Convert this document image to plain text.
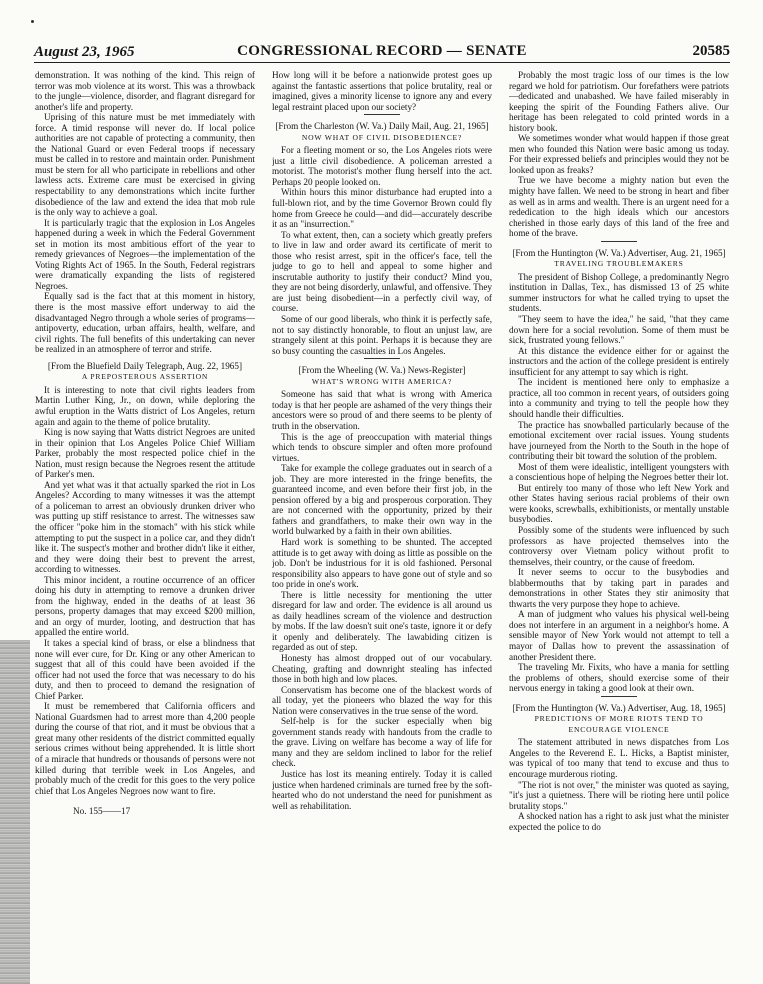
August 23, 1965	CONGRESSIONAL RECORD — SENATE	20585

demonstration. It was nothing of the kind. This reign of terror was mob violence at its worst. This was a throwback to the jungle—violence, disorder, and flagrant disregard for another's life and property.

Uprising of this nature must be met immediately with force. A timid response will never do. If local police authorities are not capable of protecting a community, then the National Guard or even Federal troops if necessary must be called in to restore and maintain order. Punishment must be stern for all who participate in rebellions and other lawless acts. Extreme care must be exercised in giving respectability to any demonstrations which incite further disobedience of the law and extend the idea that mob rule is the only way to achieve a goal.

It is particularly tragic that the explosion in Los Angeles happened during a week in which the Federal Government set in motion its most ambitious effort of the year to remedy grievances of Negroes—the implementation of the Voting Rights Act of 1965. In the South, Federal registrars were dramatically expanding the lists of registered Negroes.

Equally sad is the fact that at this moment in history, there is the most massive effort underway to aid the disadvantaged Negro through a whole series of programs—antipoverty, education, urban affairs, health, welfare, and civil rights. The full benefits of this undertaking can never be realized in an atmosphere of terror and strife.

[From the Bluefield Daily Telegraph, Aug. 22, 1965]

A PREPOSTEROUS ASSERTION

It is interesting to note that civil rights leaders from Martin Luther King, Jr., on down, while deploring the awful eruption in the Watts district of Los Angeles, return again and again to the theme of police brutality.

King is now saying that Watts district Negroes are united in their opinion that Los Angeles Police Chief William Parker, probably the most respected police chief in the Nation, must resign because the Negroes resent the attitude of Parker's men.

And yet what was it that actually sparked the riot in Los Angeles? According to many witnesses it was the attempt of a policeman to arrest an obviously drunken driver who was putting up stiff resistance to arrest. The witnesses saw the officer "poke him in the stomach" with his stick while attempting to put the suspect in a police car, and they didn't like it. The suspect's mother and brother didn't like it either, and they were doing their best to prevent the arrest, according to witnesses.

This minor incident, a routine occurrence of an officer doing his duty in attempting to remove a drunken driver from the highway, ended in the deaths of at least 36 persons, property damages that may exceed $200 million, and an orgy of murder, looting, and destruction that has appalled the entire world.

It takes a special kind of brass, or else a blindness that none will ever cure, for Dr. King or any other American to suggest that all of this could have been avoided if the officer had not used the force that was necessary to do his duty, and then to proceed to demand the resignation of Chief Parker.

It must be remembered that California officers and National Guardsmen had to arrest more than 4,200 people during the course of that riot, and it must be obvious that a great many other residents of the district committed equally serious crimes without being apprehended. It is little short of a miracle that hundreds or thousands of persons were not killed during that terrible week in Los Angeles, and probably much of the credit for this goes to the very police chief that Los Angeles Negroes now want to fire.

No. 155——17

How long will it be before a nationwide protest goes up against the fantastic assertions that police brutality, real or imagined, gives a minority license to ignore any and every legal restraint placed upon our society?

[From the Charleston (W. Va.) Daily Mail, Aug. 21, 1965]

NOW WHAT OF CIVIL DISOBEDIENCE?

For a fleeting moment or so, the Los Angeles riots were just a little civil disobedience. A policeman arrested a motorist. The motorist's mother flung herself into the act. Perhaps 20 people looked on.

Within hours this minor disturbance had erupted into a full-blown riot, and by the time Governor Brown could fly home from Greece he could—and did—accurately describe it as an "insurrection."

To what extent, then, can a society which greatly prefers to live in law and order award its certificate of merit to those who resist arrest, spit in the officer's face, tell the judge to go to hell and appeal to some higher and inscrutable authority to justify their conduct? Mind you, they are not being disorderly, unlawful, and offensive. They are just being disobedient—in a perfectly civil way, of course.

Some of our good liberals, who think it is perfectly safe, not to say distinctly honorable, to flout an unjust law, are strangely silent at this point. Perhaps it is because they are so busy counting the casualties in Los Angeles.

[From the Wheeling (W. Va.) News-Register]

WHAT'S WRONG WITH AMERICA?

Someone has said that what is wrong with America today is that her people are ashamed of the very things their ancestors were so proud of and there seems to be plenty of truth in the observation.

This is the age of preoccupation with material things which tends to obscure simpler and often more profound virtues.

Take for example the college graduates out in search of a job. They are more interested in the fringe benefits, the guaranteed income, and even before their first job, in the pension offered by a big and prosperous corporation. They are not concerned with the opportunity, prized by their fathers and grandfathers, to make their own way in the world bulwarked by a faith in their own abilities.

Hard work is something to be shunted. The accepted attitude is to get away with doing as little as possible on the job. Don't be industrious for it is old fashioned. Personal responsibility also appears to have gone out of style and so too pride in one's work.

There is little necessity for mentioning the utter disregard for law and order. The evidence is all around us as daily headlines scream of the violence and destruction by mobs. If the law doesn't suit one's taste, ignore it or defy it openly and deliberately. The lawabiding citizen is regarded as out of step.

Honesty has almost dropped out of our vocabulary. Cheating, grafting and downright stealing has infected those in both high and low places.

Conservatism has become one of the blackest words of all today, yet the pioneers who blazed the way for this Nation were conservatives in the true sense of the word.

Self-help is for the sucker especially when big government stands ready with handouts from the cradle to the grave. Living on welfare has become a way of life for many and they are seldom inclined to labor for the relief check.

Justice has lost its meaning entirely. Today it is called justice when hardened criminals are turned free by the soft-hearted who do not understand the need for punishment as well as rehabilitation.

Probably the most tragic loss of our times is the low regard we hold for patriotism. Our forefathers were patriots—dedicated and unabashed. We have failed miserably in keeping the spirit of the Founding Fathers alive. Our heritage has been relegated to cold printed words in a history book.

We sometimes wonder what would happen if those great men who founded this Nation were basic among us today. For their expressed beliefs and principles would they not be looked upon as freaks?

True we have become a mighty nation but even the mighty have fallen. We need to be strong in heart and fiber as well as in arms and wealth. There is an urgent need for a rededication to the high ideals which our ancestors cherished in those early days of this land of the free and home of the brave.

[From the Huntington (W. Va.) Advertiser, Aug. 21, 1965]

TRAVELING TROUBLEMAKERS

The president of Bishop College, a predominantly Negro institution in Dallas, Tex., has dismissed 13 of 25 white summer instructors for what he called trying to upset the students.

"They seem to have the idea," he said, "that they came down here for a social revolution. Some of them must be sick, frustrated young fellows."

At this distance the evidence either for or against the instructors and the action of the college president is entirely insufficient for any attempt to say which is right.

The incident is mentioned here only to emphasize a practice, all too common in recent years, of outsiders going into a community and trying to tell the people how they should handle their difficulties.

The practice has snowballed particularly because of the emotional excitement over racial issues. Young students have journeyed from the North to the South in the hope of contributing their bit toward the solution of the problem.

Most of them were idealistic, intelligent youngsters with a conscientious hope of helping the Negroes better their lot.

But entirely too many of those who left New York and other States having serious racial problems of their own were kooks, screwballs, exhibitionists, or mentally unstable busybodies.

Possibly some of the students were influenced by such professors as have projected themselves into the controversy over Vietnam policy without profit to themselves, their country, or the cause of freedom.

It never seems to occur to the busybodies and blabbermouths that by taking part in parades and demonstrations in other States they stir animosity that thwarts the very purpose they hope to achieve.

A man of judgment who values his physical well-being does not interfere in an argument in a neighbor's home. A sensible mayor of New York would not attempt to tell a mayor of Dallas how to prevent the assassination of another President there.

The traveling Mr. Fixits, who have a mania for settling the problems of others, should exercise some of their nervous energy in taking a good look at their own.

[From the Huntington (W. Va.) Advertiser, Aug. 18, 1965]

PREDICTIONS OF MORE RIOTS TEND TO ENCOURAGE VIOLENCE

The statement attributed in news dispatches from Los Angeles to the Reverend E. L. Hicks, a Baptist minister, was typical of too many that tend to excuse and thus to encourage murderous rioting.

"The riot is not over," the minister was quoted as saying, "it's just a quietness. There will be rioting here until police brutality stops."

A shocked nation has a right to ask just what the minister expected the police to do
